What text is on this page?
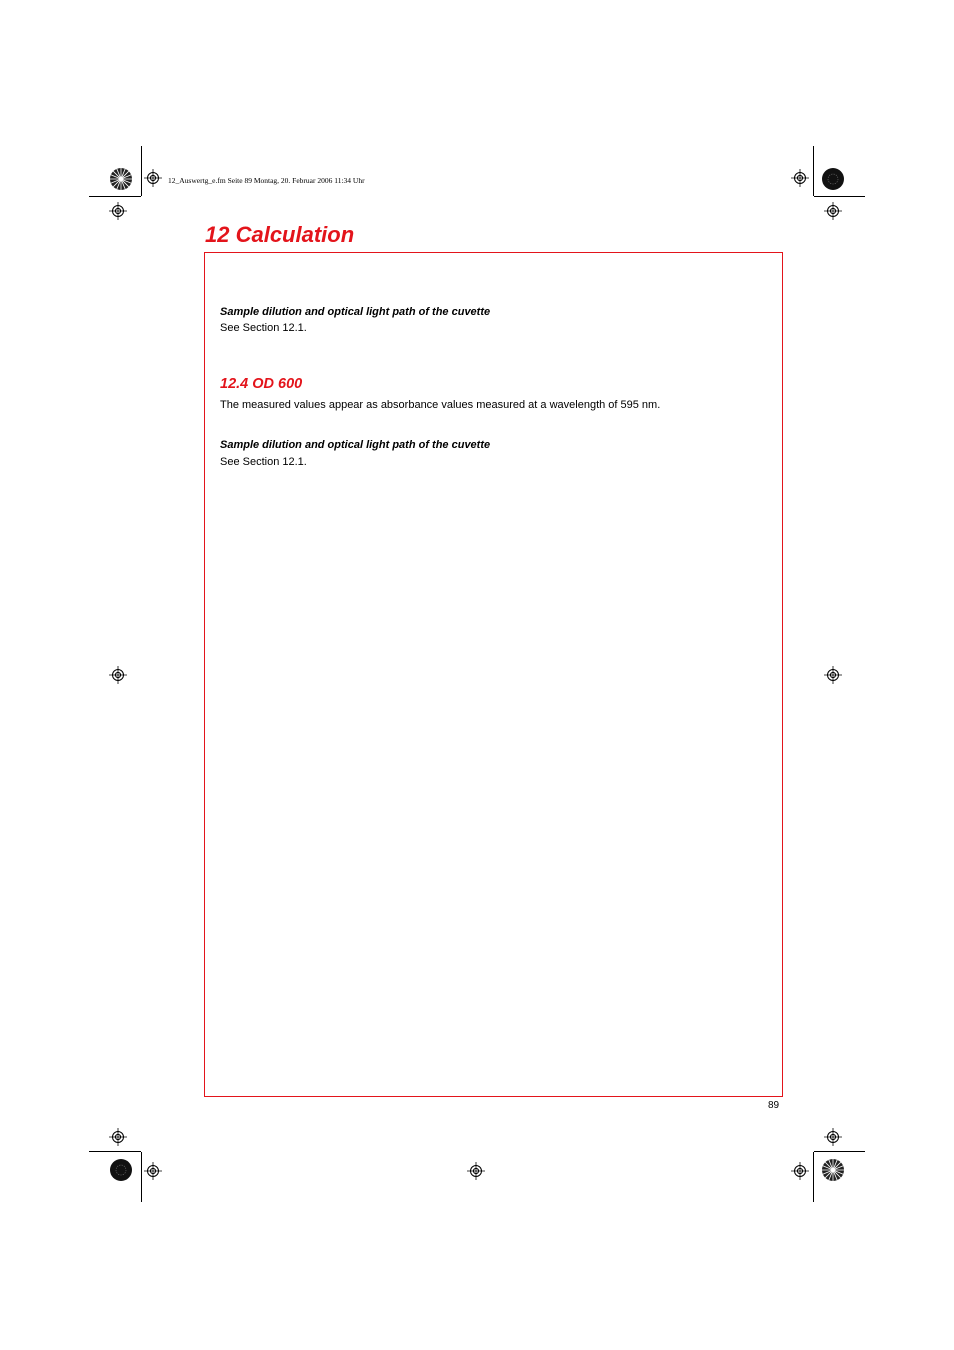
12_Auswertg_e.fm Seite 89 Montag, 20. Februar 2006 11:34 Uhr
12 Calculation

Sample dilution and optical light path of the cuvette

See Section 12.1.

12.4 OD 600

The measured values appear as absorbance values measured at a wavelength of 595 nm.

Sample dilution and optical light path of the cuvette

See Section 12.1.

89
